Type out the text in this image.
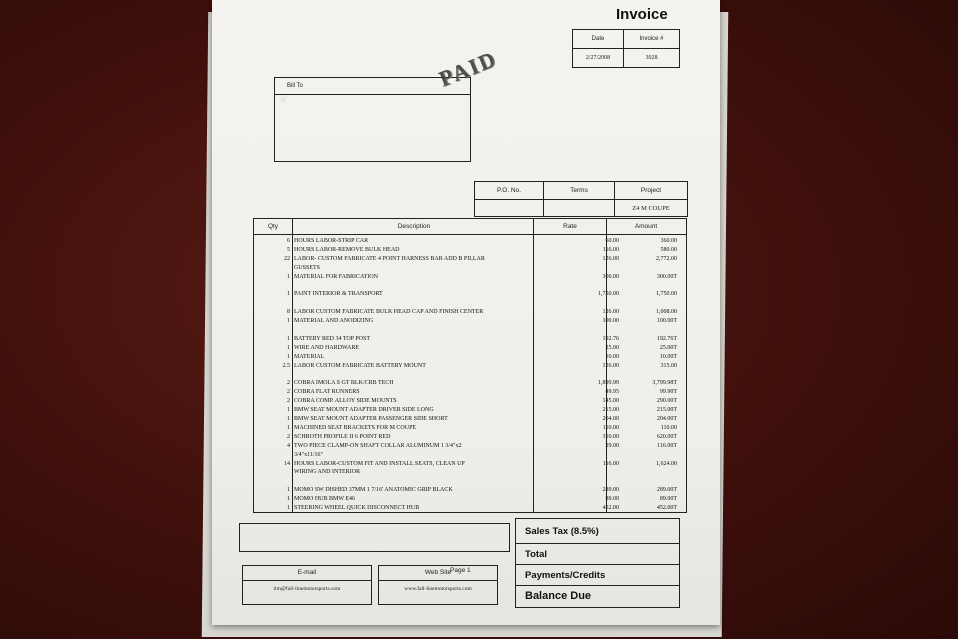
Invoice
Date	Invoice #
2/27/2008	3028
Bill To
D
PAID
P.O. No.	Terms	Project
		Z4 M COUPE
Qty	Description	Rate	Amount
6 HOURS LABOR-STRIP CAR	60.00	360.00
5 HOURS LABOR-REMOVE BULK HEAD	116.00	580.00
22 LABOR- CUSTOM FABRICATE 4 POINT HARNESS BAR ADD B PILLAR	126.00	2,772.00
GUSSETS
1 MATERIAL FOR FABRICATION	300.00	300.00T
1 PAINT INTERIOR & TRANSPORT	1,750.00	1,750.00
8 LABOR CUSTOM FABRICATE BULK HEAD CAP AND FINISH CENTER	126.00	1,008.00
1 MATERIAL AND ANODIZING	100.00	100.00T
1 BATTERY RED 34 TOP POST	192.76	192.76T
1 WIRE AND HARDWARE	25.00	25.00T
1 MATERIAL	10.00	10.00T
2.5 LABOR CUSTOM FABRICATE BATTERY MOUNT	126.00	315.00
2 COBRA IMOLA S GT BLK/CRB TECH	1,899.99	3,799.98T
2 COBRA FLAT RUNNERS	49.95	99.90T
2 COBRA COMP. ALLOY SIDE MOUNTS	145.00	290.00T
1 BMW SEAT MOUNT ADAPTER DRIVER SIDE LONG	215.00	215.00T
1 BMW SEAT MOUNT ADAPTER PASSENGER SIDE SHORT	204.00	204.00T
1 MACHINED SEAT BRACKETS FOR M COUPE	110.00	110.00
2 SCHROTH PROFILE II 6 POINT RED	310.00	620.00T
4 TWO PIECE CLAMP-ON SHAFT COLLAR ALUMINUM 1 3/4"x2	29.00	116.00T
3/4"x11/16"
14 HOURS LABOR-CUSTOM FIT AND INSTALL SEATS, CLEAN UP	116.00	1,624.00
WIRING AND INTERIOR
1 MOMO SW DISHED 37MM 1 7/16' ANATOMIC GRIP BLACK	289.00	289.00T
1 MOMO HUB BMW E46	89.00	89.00T
1 STEERING WHEEL QUICK DISCONNECT HUB	452.00	452.00T
Sales Tax (8.5%)
Total
Payments/Credits
Balance Due
E-mail
tim@fall-linemotorsports.com
Web Site
www.fall-linemotorsports.com
Page 1
